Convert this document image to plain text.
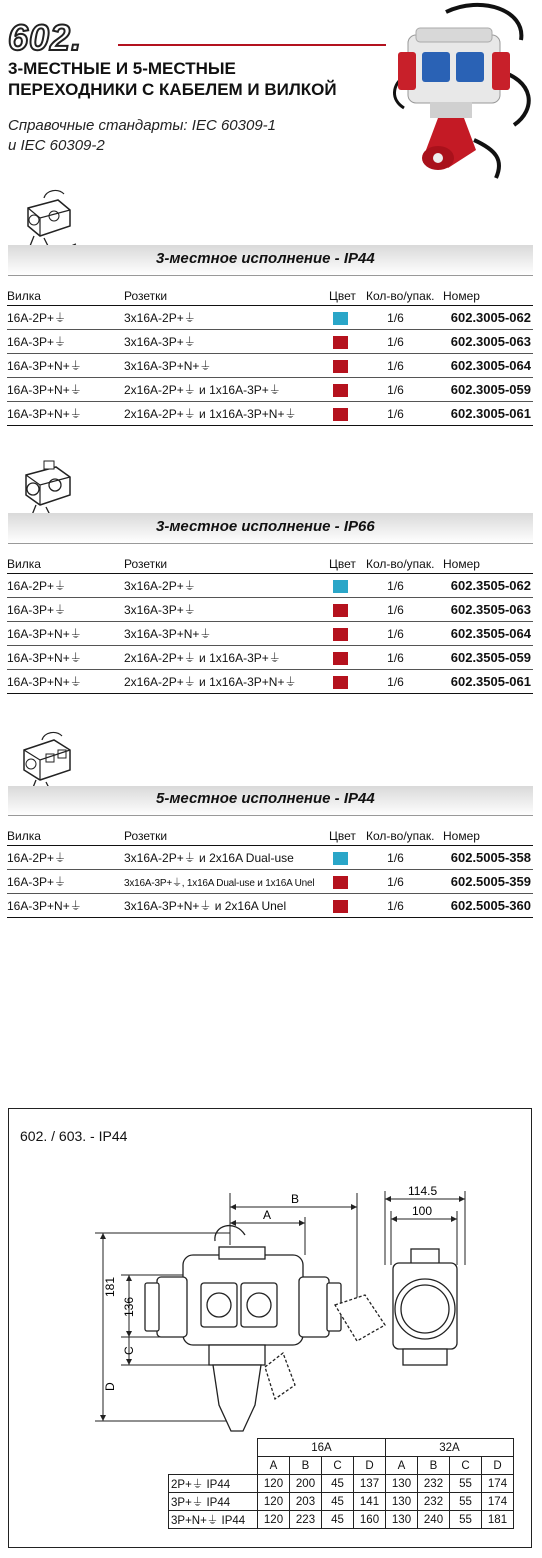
602.
3-МЕСТНЫЕ И 5-МЕСТНЫЕ
ПЕРЕХОДНИКИ С КАБЕЛЕМ И ВИЛКОЙ
Справочные стандарты: IEC 60309-1
и IEC 60309-2
3-местное исполнение - IP44
Вилка	Розетки	Цвет	Кол-во/упак.	Номер
16A-2P+⏚	3x16A-2P+⏚		1/6	602.3005-062
16A-3P+⏚	3x16A-3P+⏚		1/6	602.3005-063
16A-3P+N+⏚	3x16A-3P+N+⏚		1/6	602.3005-064
16A-3P+N+⏚	2x16A-2P+⏚ и 1x16A-3P+⏚		1/6	602.3005-059
16A-3P+N+⏚	2x16A-2P+⏚ и 1x16A-3P+N+⏚		1/6	602.3005-061
3-местное исполнение - IP66
Вилка	Розетки	Цвет	Кол-во/упак.	Номер
16A-2P+⏚	3x16A-2P+⏚		1/6	602.3505-062
16A-3P+⏚	3x16A-3P+⏚		1/6	602.3505-063
16A-3P+N+⏚	3x16A-3P+N+⏚		1/6	602.3505-064
16A-3P+N+⏚	2x16A-2P+⏚ и 1x16A-3P+⏚		1/6	602.3505-059
16A-3P+N+⏚	2x16A-2P+⏚ и 1x16A-3P+N+⏚		1/6	602.3505-061
5-местное исполнение - IP44
Вилка	Розетки	Цвет	Кол-во/упак.	Номер
16A-2P+⏚	3x16A-2P+⏚ и 2x16A Dual-use		1/6	602.5005-358
16A-3P+⏚	3x16A-3P+⏚, 1x16A Dual-use и 1x16A Unel		1/6	602.5005-359
16A-3P+N+⏚	3x16A-3P+N+⏚ и 2x16A Unel		1/6	602.5005-360
602. / 603. - IP44
B
A
181
136
C
D
114.5
100
	16A				32A			
	A	B	C	D	A	B	C	D
2P+⏚ IP44	120	200	45	137	130	232	55	174
3P+⏚ IP44	120	203	45	141	130	232	55	174
3P+N+⏚ IP44	120	223	45	160	130	240	55	181
